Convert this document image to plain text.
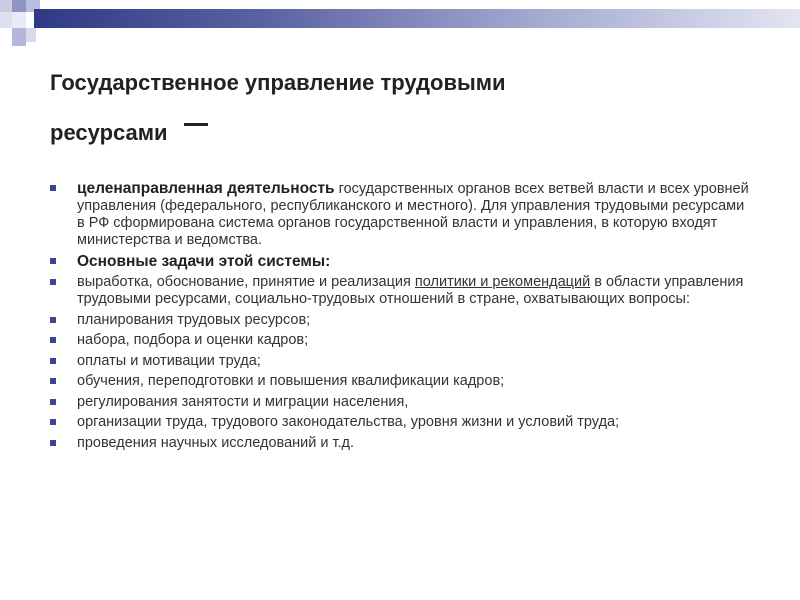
Государственное управление трудовыми
ресурсами
целенаправленная деятельность государственных органов всех ветвей власти и всех уровней управления (федерального, республиканского и местного). Для управления трудовыми ресурсами в РФ сформирована система органов государственной власти и управления, в которую входят министерства и ведомства.
Основные задачи этой системы:
выработка, обоснование, принятие и реализация политики и рекомендаций в области управления трудовыми ресурсами, социально-трудовых отношений в стране, охватывающих вопросы:
планирования трудовых ресурсов;
набора, подбора и оценки кадров;
оплаты и мотивации труда;
обучения, переподготовки и повышения квалификации кадров;
регулирования занятости и миграции населения,
организации труда, трудового законодательства, уровня жизни и условий труда;
проведения научных исследований и т.д.
